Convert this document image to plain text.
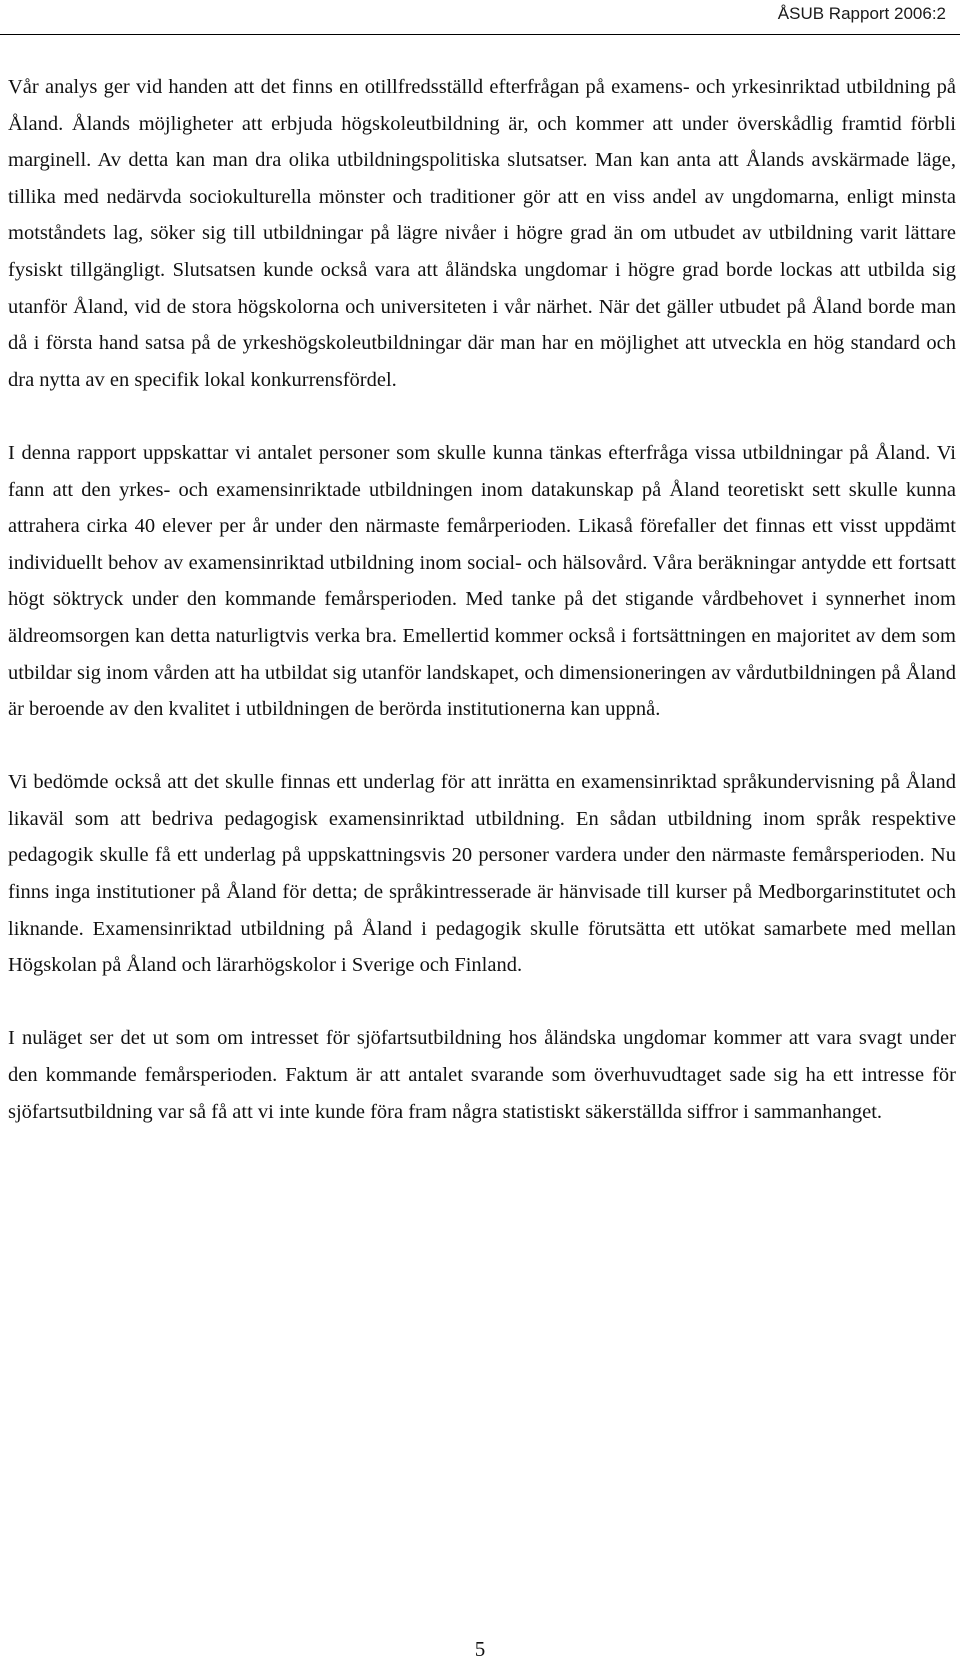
ÅSUB Rapport 2006:2

Vår analys ger vid handen att det finns en otillfredsställd efterfrågan på examens- och yrkesinriktad utbildning på Åland. Ålands möjligheter att erbjuda högskoleutbildning är, och kommer att under överskådlig framtid förbli marginell. Av detta kan man dra olika utbildningspolitiska slutsatser. Man kan anta att Ålands avskärmade läge, tillika med nedärvda sociokulturella mönster och traditioner gör att en viss andel av ungdomarna, enligt minsta motståndets lag, söker sig till utbildningar på lägre nivåer i högre grad än om utbudet av utbildning varit lättare fysiskt tillgängligt. Slutsatsen kunde också vara att åländska ungdomar i högre grad borde lockas att utbilda sig utanför Åland, vid de stora högskolorna och universiteten i vår närhet. När det gäller utbudet på Åland borde man då i första hand satsa på de yrkeshögskoleutbildningar där man har en möjlighet att utveckla en hög standard och dra nytta av en specifik lokal konkurrensfördel.

I denna rapport uppskattar vi antalet personer som skulle kunna tänkas efterfråga vissa utbildningar på Åland. Vi fann att den yrkes- och examensinriktade utbildningen inom datakunskap på Åland teoretiskt sett skulle kunna attrahera cirka 40 elever per år under den närmaste femårperioden. Likaså förefaller det finnas ett visst uppdämt individuellt behov av examensinriktad utbildning inom social- och hälsovård. Våra beräkningar antydde ett fortsatt högt söktryck under den kommande femårsperioden. Med tanke på det stigande vårdbehovet i synnerhet inom äldreomsorgen kan detta naturligtvis verka bra. Emellertid kommer också i fortsättningen en majoritet av dem som utbildar sig inom vården att ha utbildat sig utanför landskapet, och dimensioneringen av vårdutbildningen på Åland är beroende av den kvalitet i utbildningen de berörda institutionerna kan uppnå.

Vi bedömde också att det skulle finnas ett underlag för att inrätta en examensinriktad språkundervisning på Åland likaväl som att bedriva pedagogisk examensinriktad utbildning. En sådan utbildning inom språk respektive pedagogik skulle få ett underlag på uppskattningsvis 20 personer vardera under den närmaste femårsperioden. Nu finns inga institutioner på Åland för detta; de språkintresserade är hänvisade till kurser på Medborgarinstitutet och liknande. Examensinriktad utbildning på Åland i pedagogik skulle förutsätta ett utökat samarbete med mellan Högskolan på Åland och lärarhögskolor i Sverige och Finland.

I nuläget ser det ut som om intresset för sjöfartsutbildning hos åländska ungdomar kommer att vara svagt under den kommande femårsperioden. Faktum är att antalet svarande som överhuvudtaget sade sig ha ett intresse för sjöfartsutbildning var så få att vi inte kunde föra fram några statistiskt säkerställda siffror i sammanhanget.

5
